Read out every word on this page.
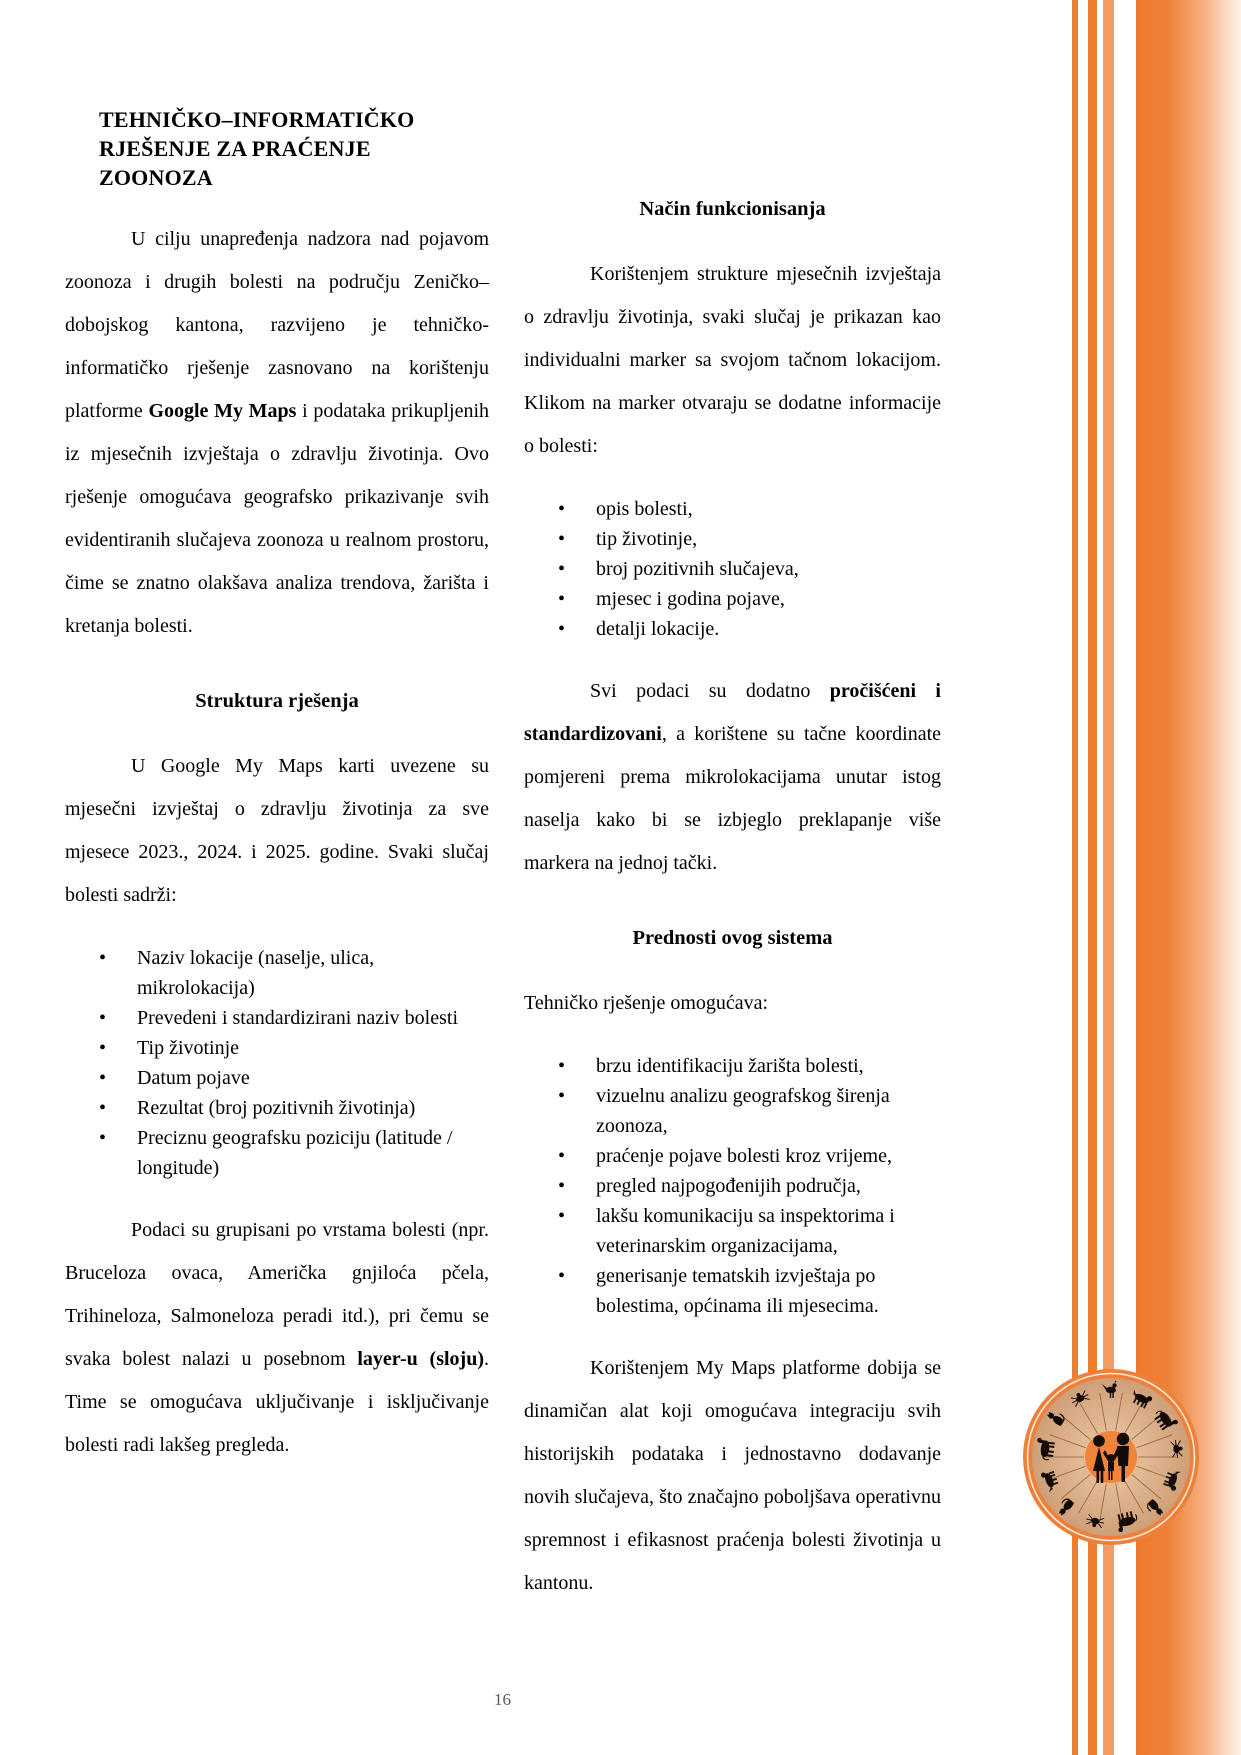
TEHNIČKO–INFORMATIČKO
RJEŠENJE ZA PRAĆENJE
ZOONOZA

U cilju unapređenja nadzora nad pojavom zoonoza i drugih bolesti na području Zeničko–dobojskog kantona, razvijeno je tehničko-informatičko rješenje zasnovano na korištenju platforme Google My Maps i podataka prikupljenih iz mjesečnih izvještaja o zdravlju životinja. Ovo rješenje omogućava geografsko prikazivanje svih evidentiranih slučajeva zoonoza u realnom prostoru, čime se znatno olakšava analiza trendova, žarišta i kretanja bolesti.

Struktura rješenja

U Google My Maps karti uvezene su mjesečni izvještaj o zdravlju životinja za sve mjesece 2023., 2024. i 2025. godine. Svaki slučaj bolesti sadrži:

• Naziv lokacije (naselje, ulica, mikrolokacija)
• Prevedeni i standardizirani naziv bolesti
• Tip životinje
• Datum pojave
• Rezultat (broj pozitivnih životinja)
• Preciznu geografsku poziciju (latitude / longitude)

Podaci su grupisani po vrstama bolesti (npr. Bruceloza ovaca, Američka gnjiloća pčela, Trihineloza, Salmoneloza peradi itd.), pri čemu se svaka bolest nalazi u posebnom layer-u (sloju). Time se omogućava uključivanje i isključivanje bolesti radi lakšeg pregleda.

Način funkcionisanja

Korištenjem strukture mjesečnih izvještaja o zdravlju životinja, svaki slučaj je prikazan kao individualni marker sa svojom tačnom lokacijom. Klikom na marker otvaraju se dodatne informacije o bolesti:

• opis bolesti,
• tip životinje,
• broj pozitivnih slučajeva,
• mjesec i godina pojave,
• detalji lokacije.

Svi podaci su dodatno pročišćeni i standardizovani, a korištene su tačne koordinate pomjereni prema mikrolokacijama unutar istog naselja kako bi se izbjeglo preklapanje više markera na jednoj tački.

Prednosti ovog sistema

Tehničko rješenje omogućava:

• brzu identifikaciju žarišta bolesti,
• vizuelnu analizu geografskog širenja zoonoza,
• praćenje pojave bolesti kroz vrijeme,
• pregled najpogođenijih područja,
• lakšu komunikaciju sa inspektorima i veterinarskim organizacijama,
• generisanje tematskih izvještaja po bolestima, općinama ili mjesecima.

Korištenjem My Maps platforme dobija se dinamičan alat koji omogućava integraciju svih historijskih podataka i jednostavno dodavanje novih slučajeva, što značajno poboljšava operativnu spremnost i efikasnost praćenja bolesti životinja u kantonu.

16
